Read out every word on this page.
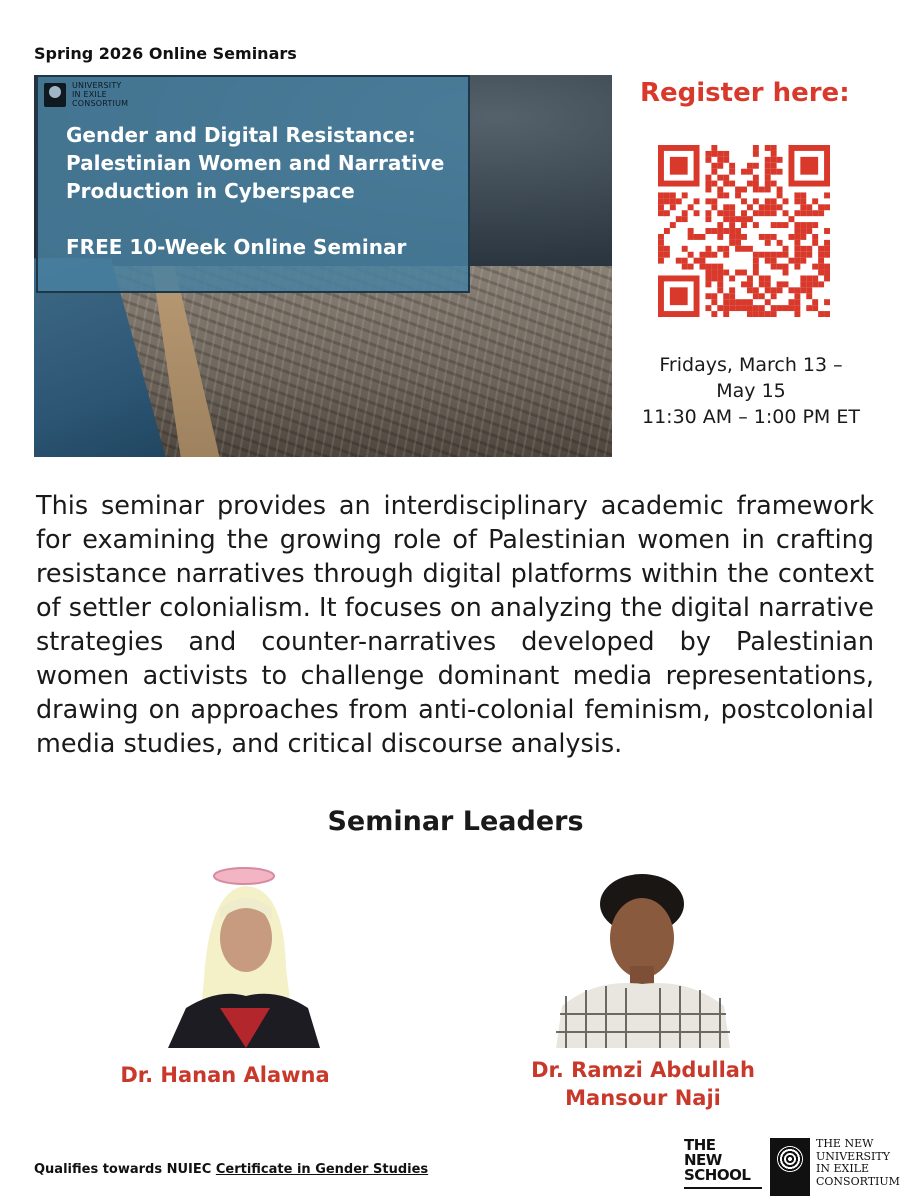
Spring 2026 Online Seminars
UNIVERSITY
IN EXILE
CONSORTIUM
Gender and Digital Resistance: Palestinian Women and Narrative Production in Cyberspace
FREE 10-Week Online Seminar
Register here:
Fridays, March 13 – May 15
11:30 AM – 1:00 PM ET
This seminar provides an interdisciplinary academic framework for examining the growing role of Palestinian women in crafting resistance narratives through digital platforms within the context of settler colonialism. It focuses on analyzing the digital narrative strategies and counter-narratives developed by Palestinian women activists to challenge dominant media representations, drawing on approaches from anti-colonial feminism, postcolonial media studies, and critical discourse analysis.
Seminar Leaders
Dr. Hanan Alawna	Dr. Ramzi Abdullah
Mansour Naji
Qualifies towards NUIEC Certificate in Gender Studies
THE
NEW
SCHOOL
THE NEW
UNIVERSITY
IN EXILE
CONSORTIUM
